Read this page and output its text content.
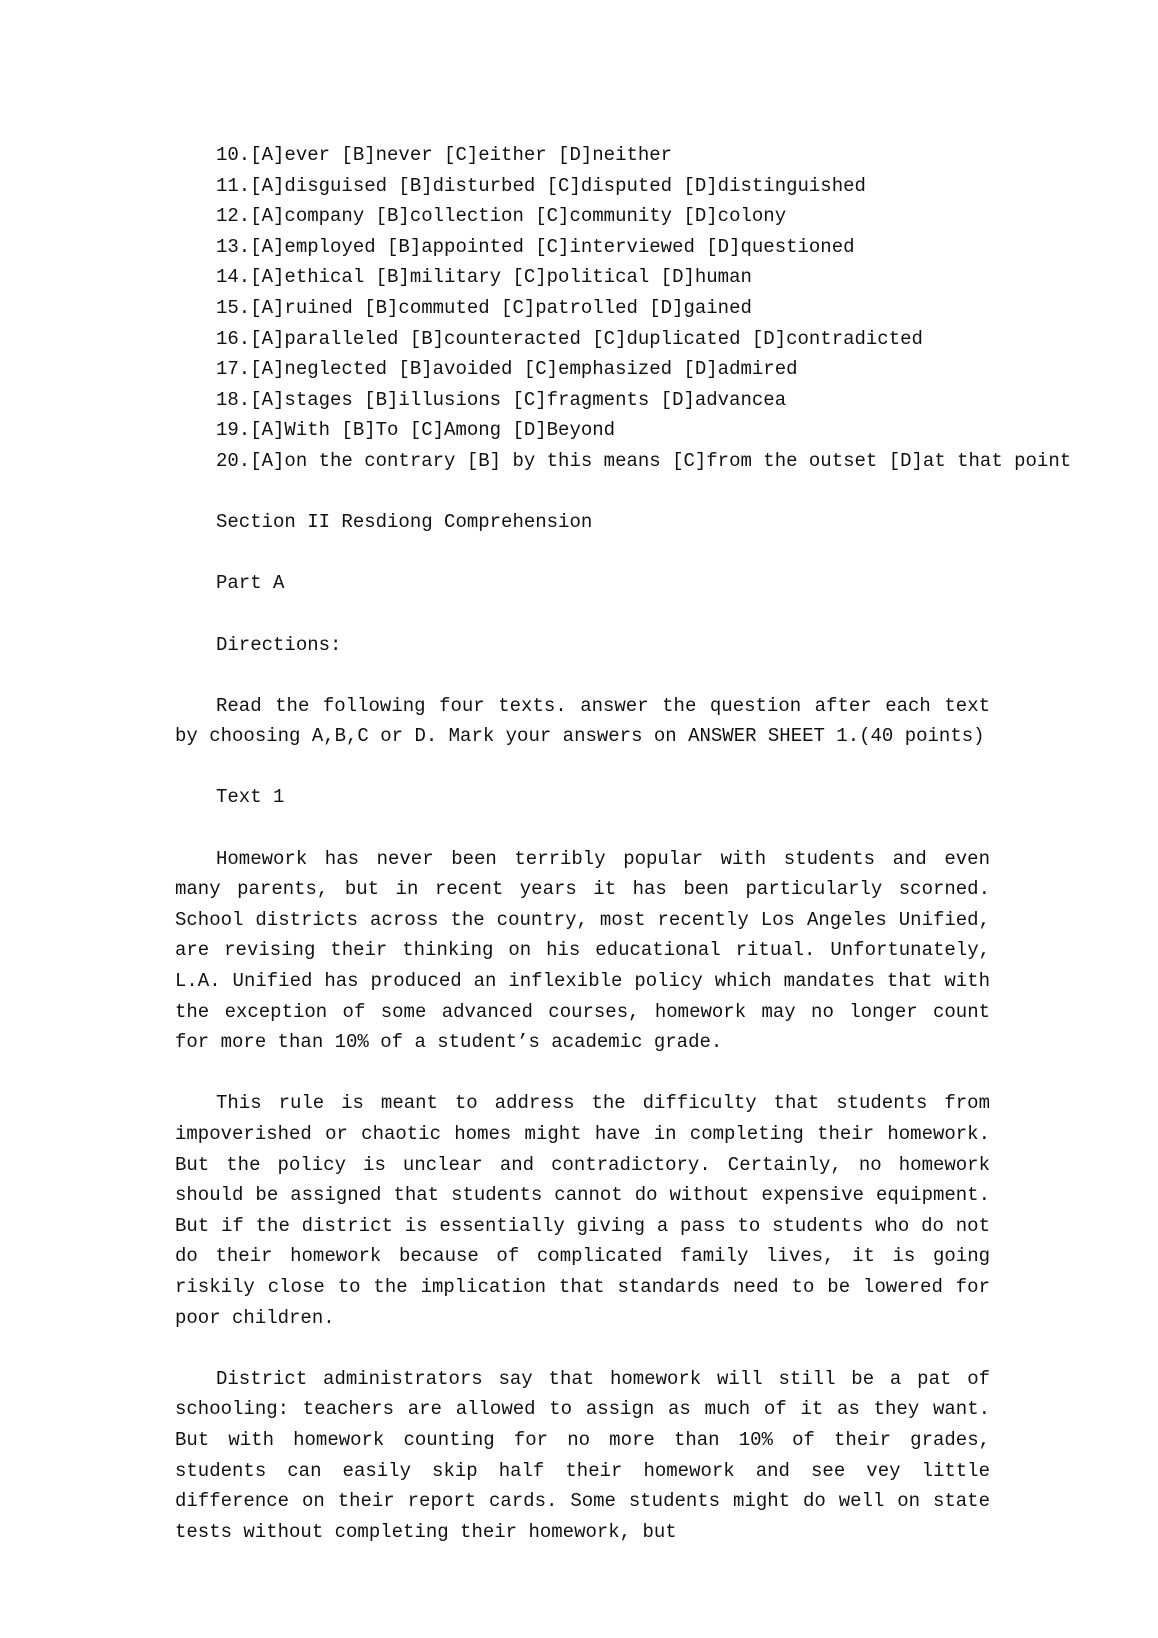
10.[A]ever [B]never [C]either [D]neither
11.[A]disguised [B]disturbed [C]disputed [D]distinguished
12.[A]company [B]collection [C]community [D]colony
13.[A]employed [B]appointed [C]interviewed [D]questioned
14.[A]ethical [B]military [C]political [D]human
15.[A]ruined [B]commuted [C]patrolled [D]gained
16.[A]paralleled [B]counteracted [C]duplicated [D]contradicted
17.[A]neglected [B]avoided [C]emphasized [D]admired
18.[A]stages [B]illusions [C]fragments [D]advancea
19.[A]With [B]To [C]Among [D]Beyond
20.[A]on the contrary [B] by this means [C]from the outset [D]at that point
Section II Resdiong Comprehension
Part A
Directions:

Read the following four texts. answer the question after each text by choosing A,B,C or D. Mark your answers on ANSWER SHEET 1.(40 points)

Text 1

Homework has never been terribly popular with students and even many parents, but in recent years it has been particularly scorned. School districts across the country, most recently Los Angeles Unified, are revising their thinking on his educational ritual. Unfortunately, L.A. Unified has produced an inflexible policy which mandates that with the exception of some advanced courses, homework may no longer count for more than 10% of a student’s academic grade.

This rule is meant to address the difficulty that students from impoverished or chaotic homes might have in completing their homework. But the policy is unclear and contradictory. Certainly, no homework should be assigned that students cannot do without expensive equipment. But if the district is essentially giving a pass to students who do not do their homework because of complicated family lives, it is going riskily close to the implication that standards need to be lowered for poor children.

District administrators say that homework will still be a pat of schooling: teachers are allowed to assign as much of it as they want. But with homework counting for no more than 10% of their grades, students can easily skip half their homework and see vey little difference on their report cards. Some students might do well on state tests without completing their homework, but
